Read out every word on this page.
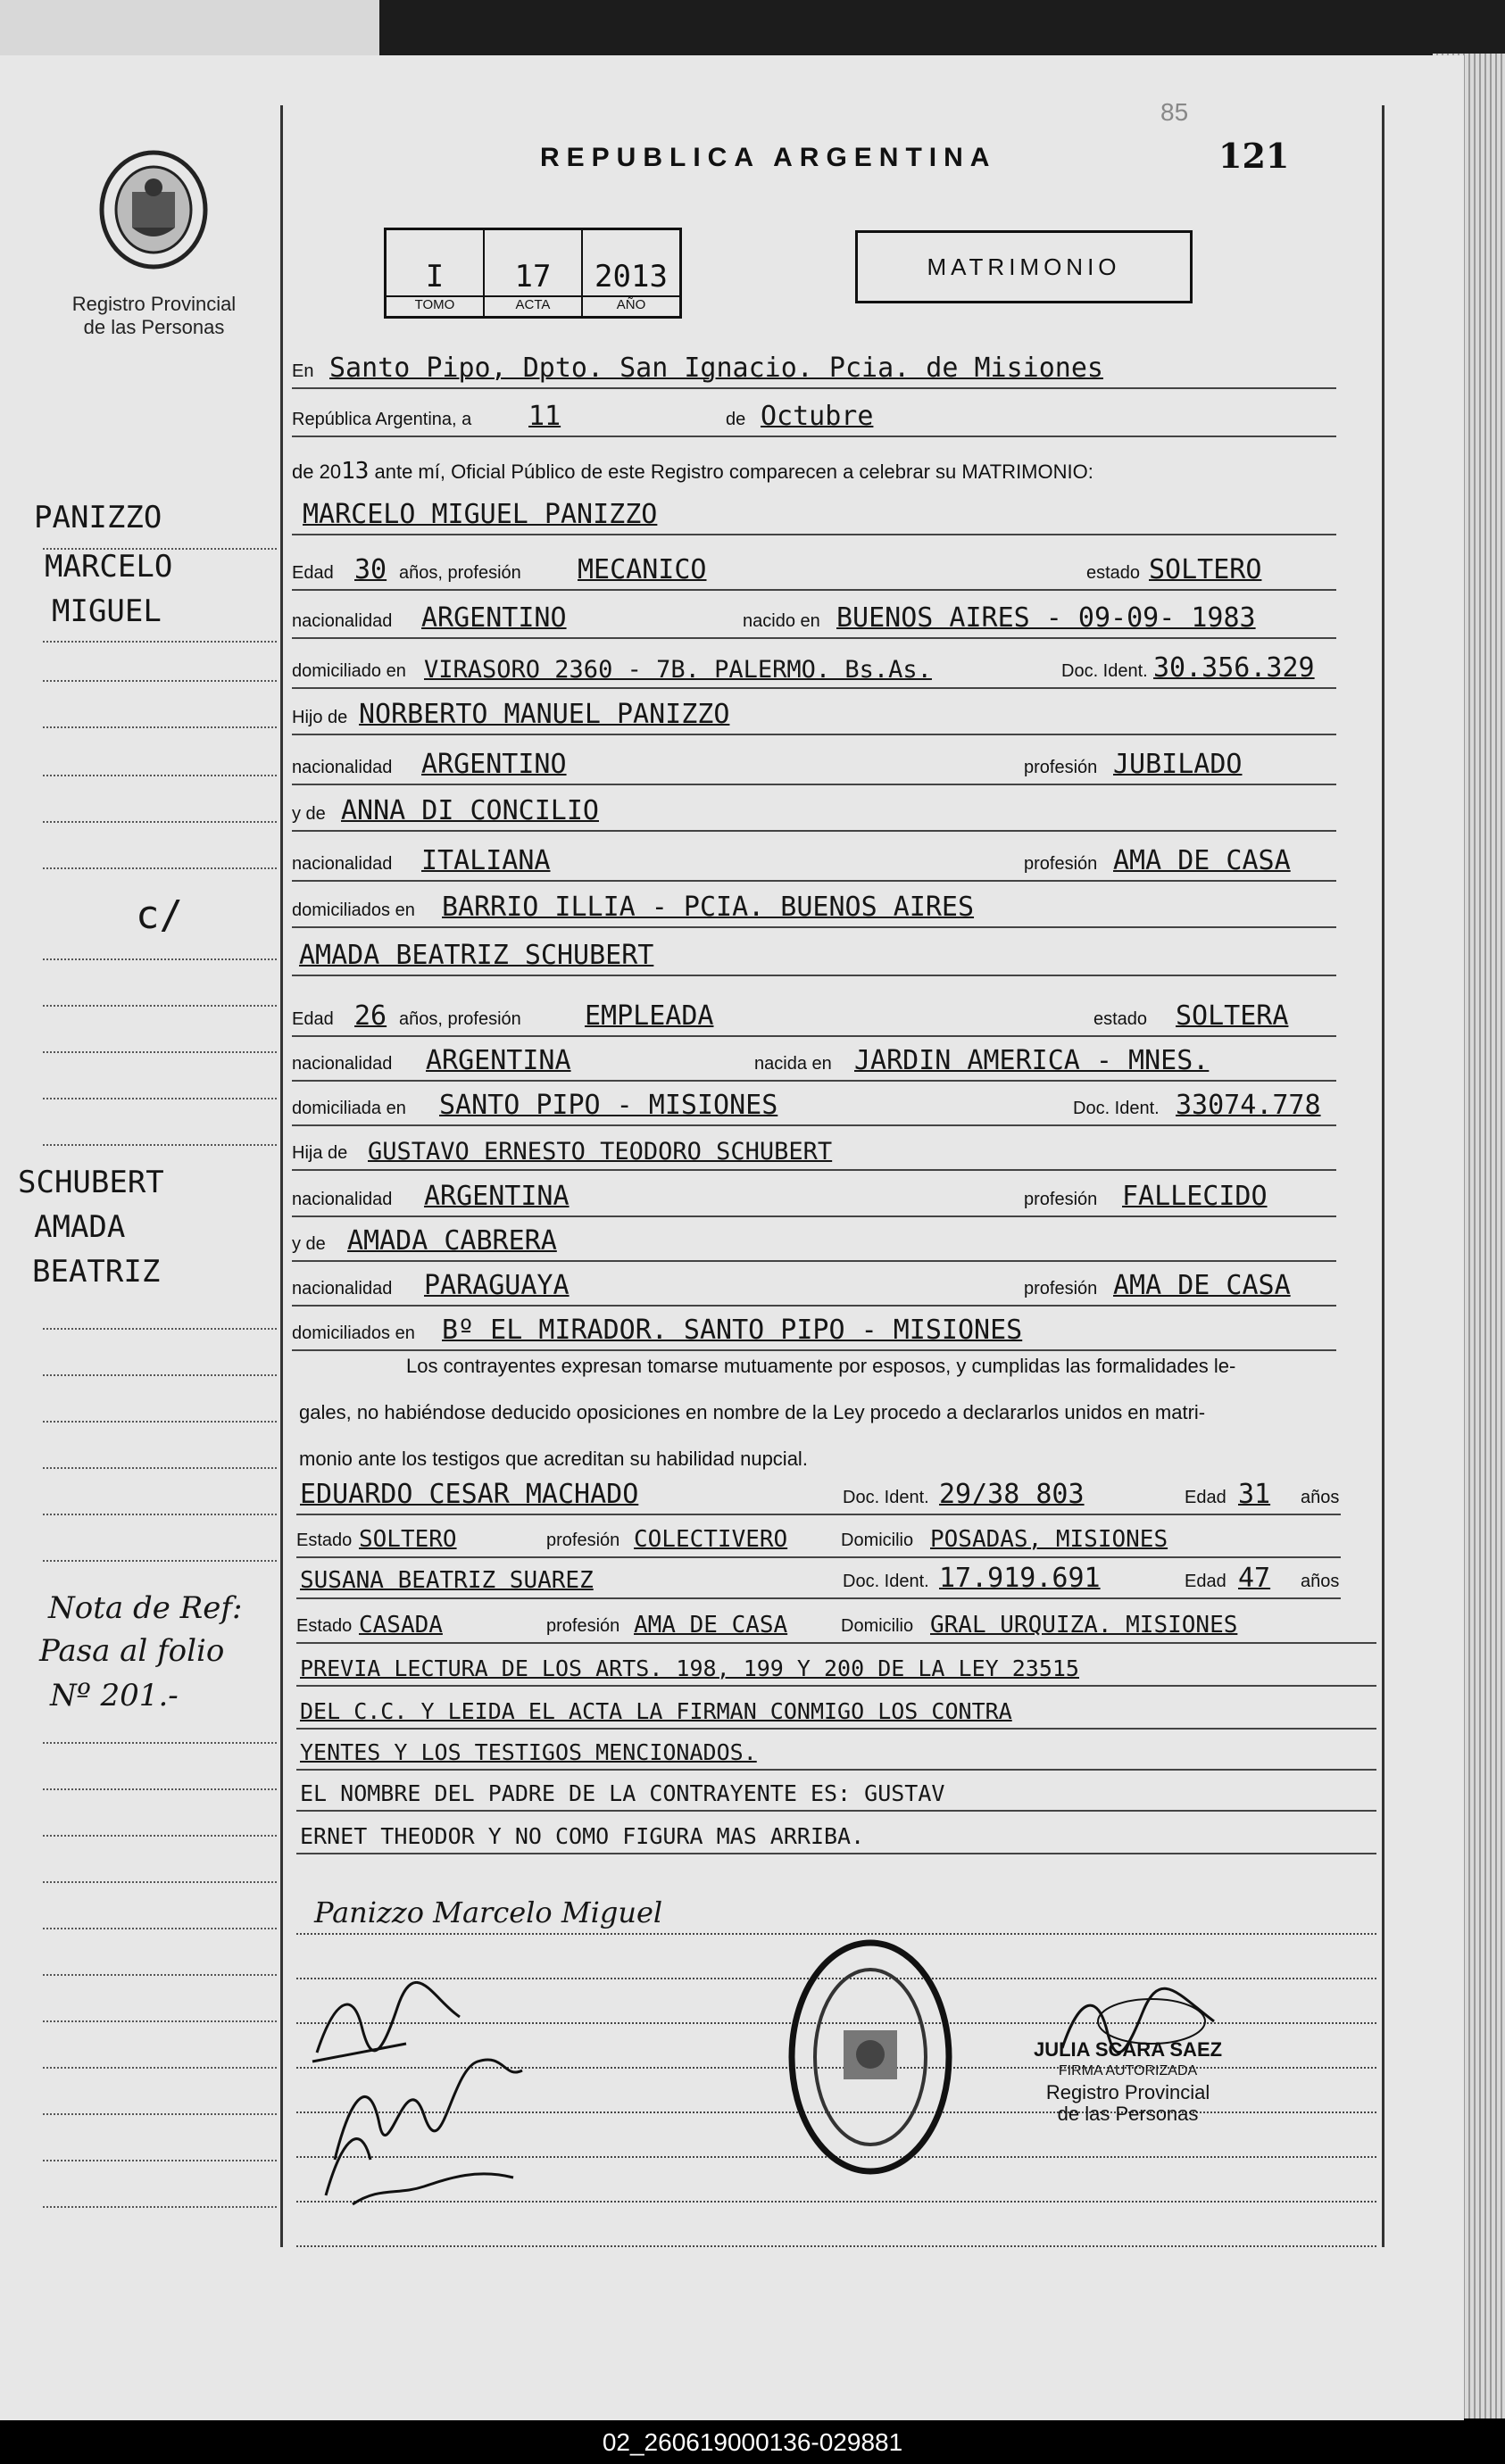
Registro Provincial
de las Personas
REPUBLICA ARGENTINA
85
121
I
TOMO
17
ACTA
2013
AÑO
MATRIMONIO
En Santo Pipo, Dpto. San Ignacio. Pcia. de Misiones
República Argentina, a 11	de Octubre
de 2013 ante mí, Oficial Público de este Registro comparecen a celebrar su MATRIMONIO:
MARCELO MIGUEL PANIZZO
Edad 30 años, profesión MECANICO	estado SOLTERO
nacionalidad ARGENTINO	nacido en BUENOS AIRES - 09-09- 1983
domiciliado en VIRASORO 2360 - 7B. PALERMO. Bs.As.	Doc. Ident. 30.356.329
Hijo de NORBERTO MANUEL PANIZZO
nacionalidad ARGENTINO	profesión JUBILADO
y de ANNA DI CONCILIO
nacionalidad ITALIANA	profesión AMA DE CASA
domiciliados en BARRIO ILLIA - PCIA. BUENOS AIRES
AMADA BEATRIZ SCHUBERT
Edad 26 años, profesión EMPLEADA	estado SOLTERA
nacionalidad ARGENTINA	nacida en JARDIN AMERICA - MNES.
domiciliada en SANTO PIPO - MISIONES	Doc. Ident. 33074.778
Hija de GUSTAVO ERNESTO TEODORO SCHUBERT
nacionalidad ARGENTINA	profesión FALLECIDO
y de AMADA CABRERA
nacionalidad PARAGUAYA	profesión AMA DE CASA
domiciliados en Bº EL MIRADOR. SANTO PIPO - MISIONES
Los contrayentes expresan tomarse mutuamente por esposos, y cumplidas las formalidades le-
gales, no habiéndose deducido oposiciones en nombre de la Ley procedo a declararlos unidos en matri-
monio ante los testigos que acreditan su habilidad nupcial.
EDUARDO CESAR MACHADO	Doc. Ident. 29/38 803	Edad 31 años
Estado SOLTERO	profesión COLECTIVERO	Domicilio POSADAS, MISIONES
SUSANA BEATRIZ SUAREZ	Doc. Ident. 17.919.691	Edad 47 años
Estado CASADA	profesión AMA DE CASA	Domicilio GRAL URQUIZA. MISIONES
PREVIA LECTURA DE LOS ARTS. 198, 199 Y 200 DE LA LEY 23515
DEL C.C. Y LEIDA EL ACTA LA FIRMAN CONMIGO LOS CONTRA
YENTES Y LOS TESTIGOS MENCIONADOS.
EL NOMBRE DEL PADRE DE LA CONTRAYENTE ES: GUSTAV
ERNET THEODOR Y NO COMO FIGURA MAS ARRIBA.
Panizzo Marcelo Miguel
PANIZZO
MARCELO
MIGUEL
c/
SCHUBERT
AMADA
BEATRIZ
Nota de Ref:
Pasa al folio
Nº 201.-
JULIA SCARA SAEZ
FIRMA AUTORIZADA
Registro Provincial
de las Personas
02_260619000136-029881
